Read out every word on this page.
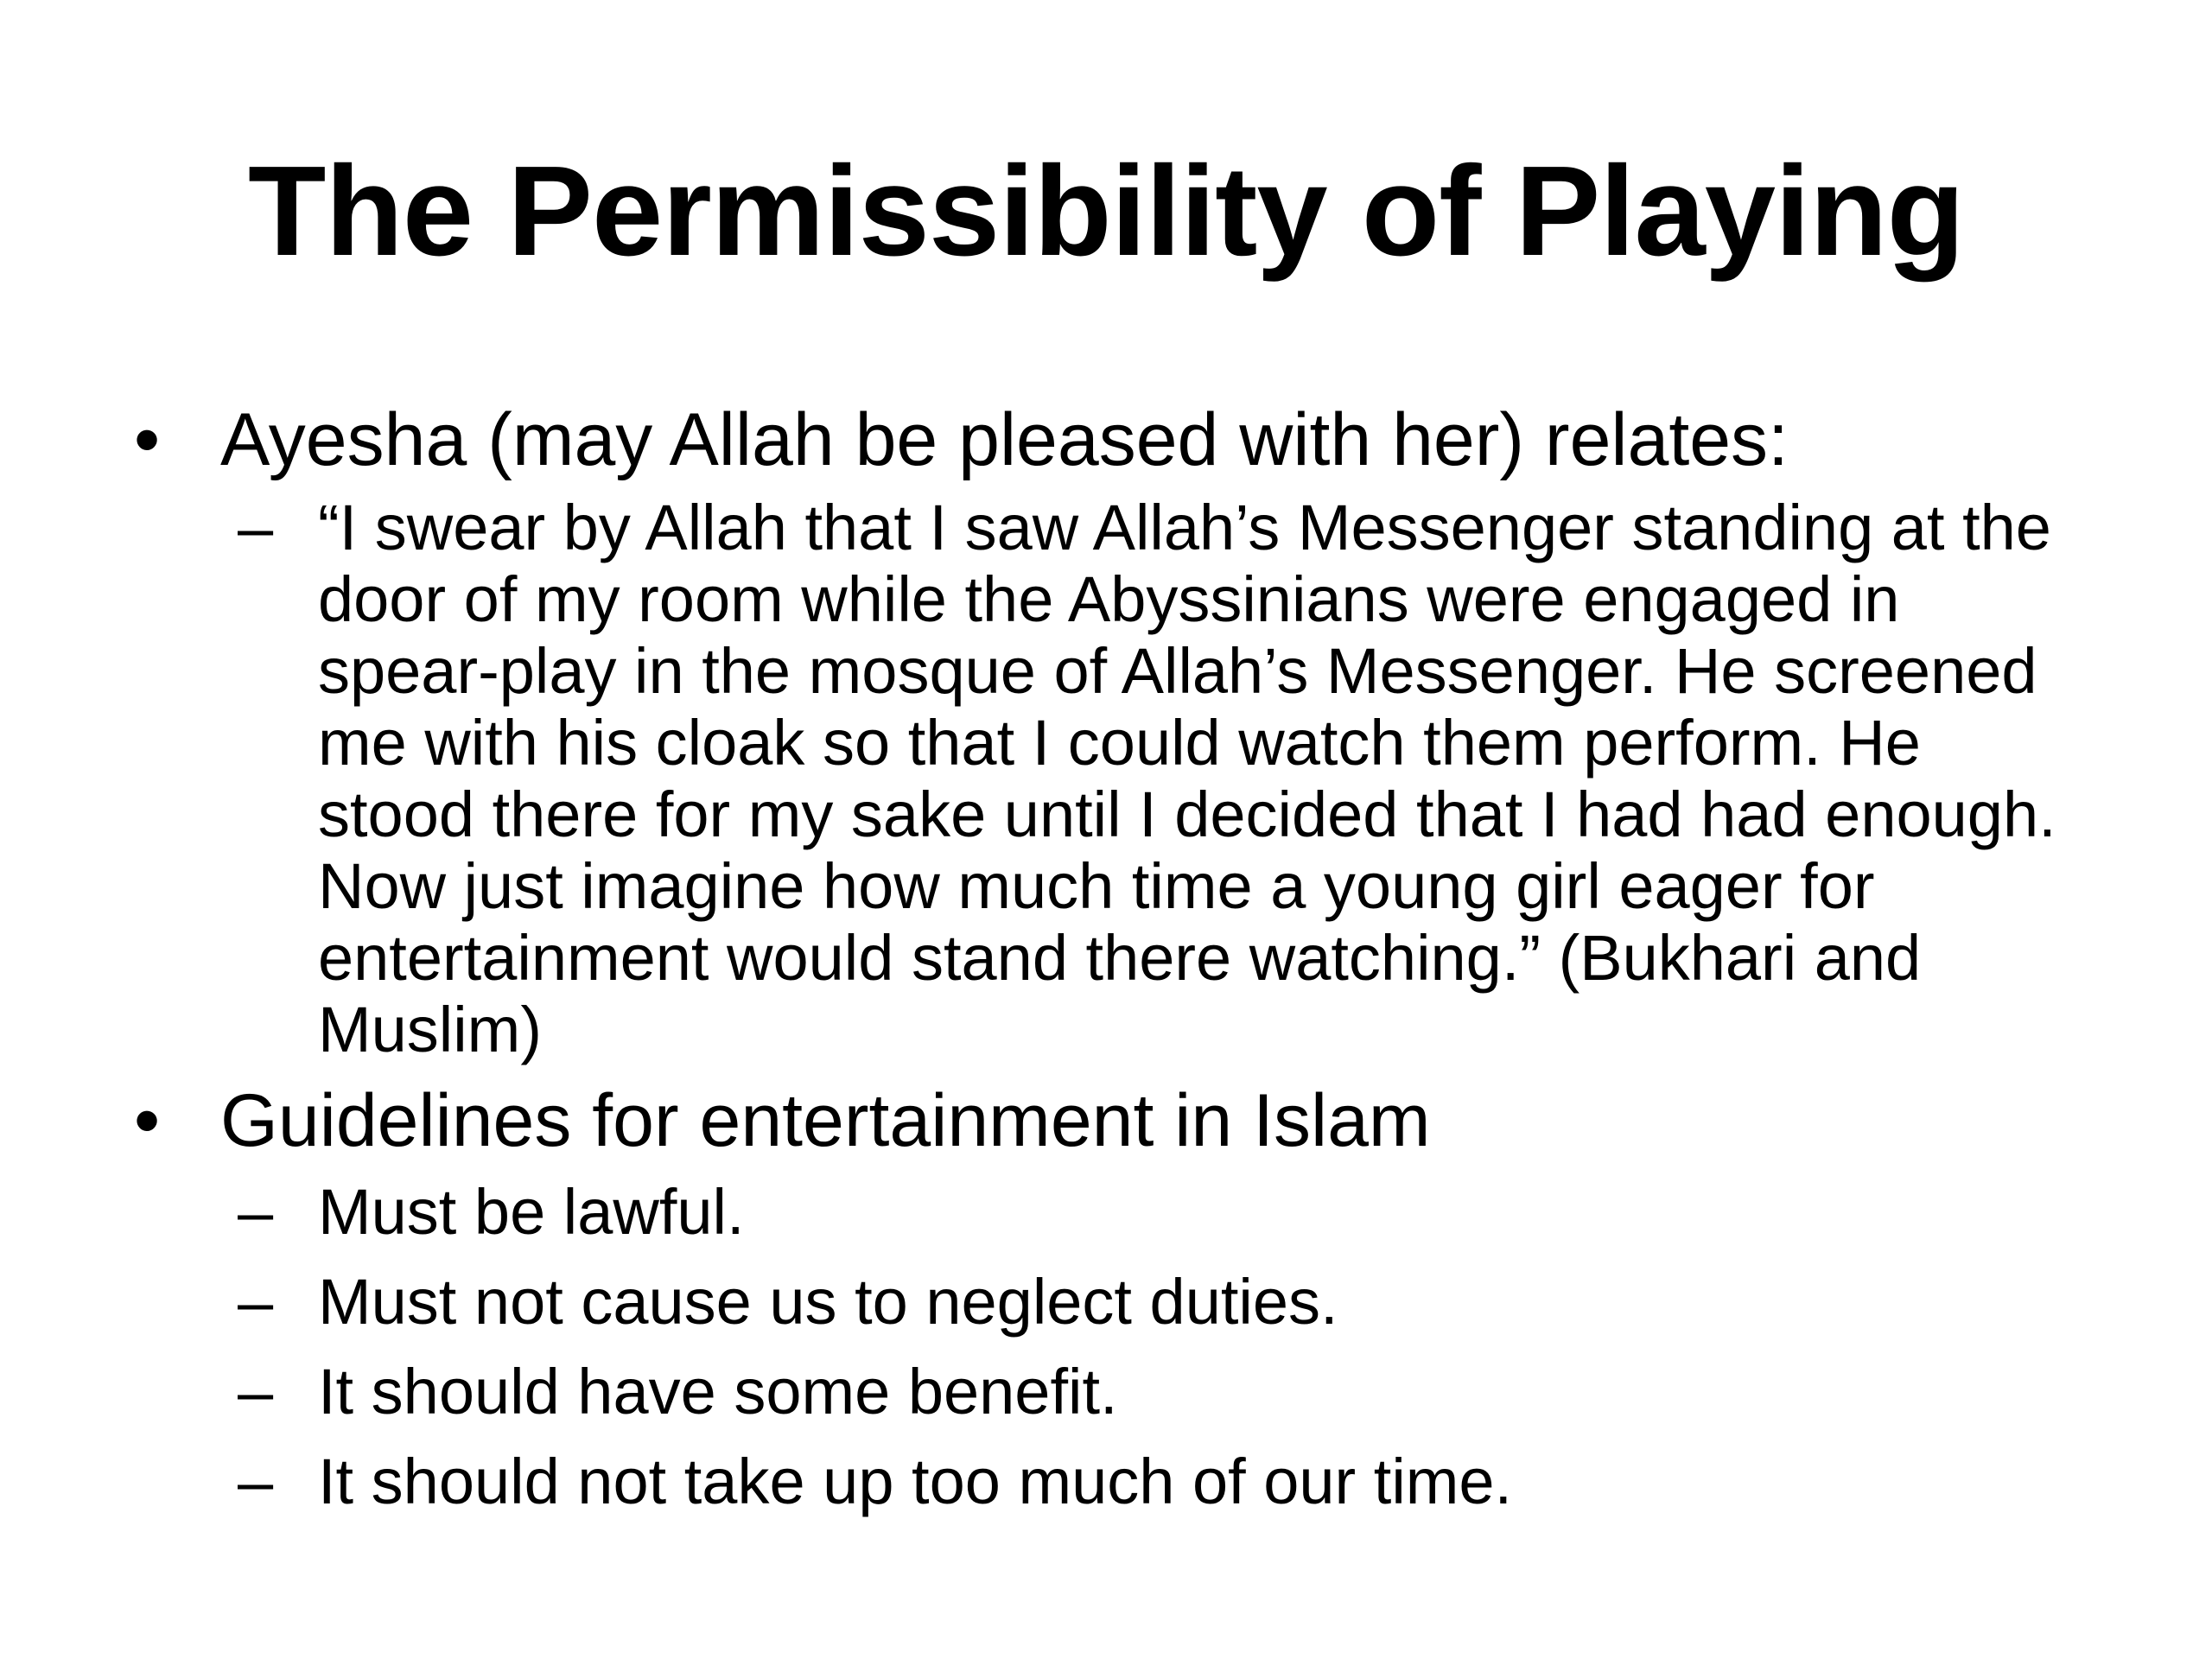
The Permissibility of Playing
• Ayesha (may Allah be pleased with her) relates:
– “I swear by Allah that I saw Allah’s Messenger standing at the door of my room while the Abyssinians were engaged in spear-play in the mosque of Allah’s Messenger. He screened me with his cloak so that I could watch them perform. He stood there for my sake until I decided that I had had enough. Now just imagine how much time a young girl eager for entertainment would stand there watching.” (Bukhari and Muslim)
• Guidelines for entertainment in Islam
– Must be lawful.
– Must not cause us to neglect duties.
– It should have some benefit.
– It should not take up too much of our time.
